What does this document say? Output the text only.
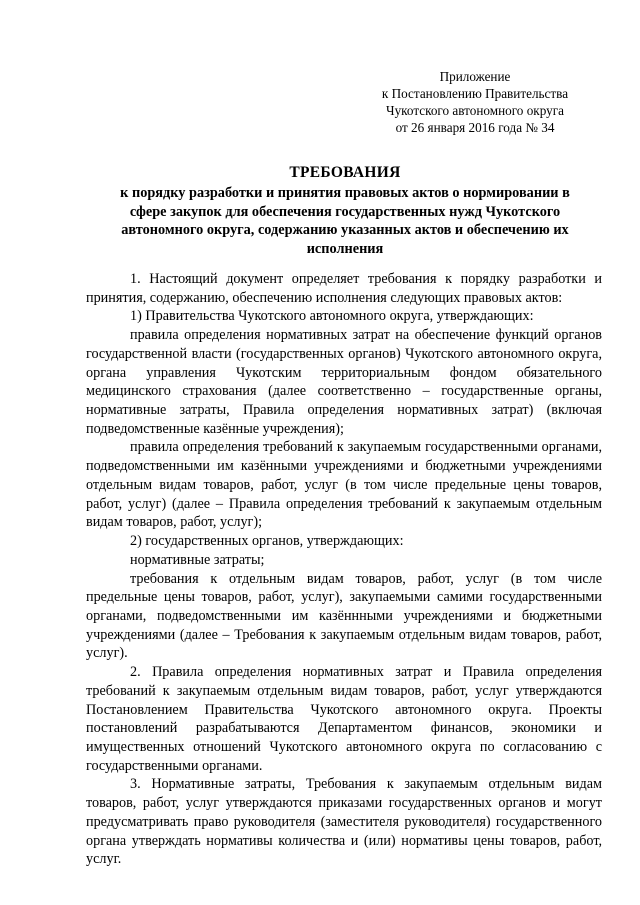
Приложение
к Постановлению Правительства
Чукотского автономного округа
от 26 января 2016 года № 34
ТРЕБОВАНИЯ
к порядку разработки и принятия правовых актов о нормировании в сфере закупок для обеспечения государственных нужд Чукотского автономного округа, содержанию указанных актов и обеспечению их исполнения
1. Настоящий документ определяет требования к порядку разработки и принятия, содержанию, обеспечению исполнения следующих правовых актов:
1) Правительства Чукотского автономного округа, утверждающих:
правила определения нормативных затрат на обеспечение функций органов государственной власти (государственных органов) Чукотского автономного округа, органа управления Чукотским территориальным фондом обязательного медицинского страхования (далее соответственно – государственные органы, нормативные затраты, Правила определения нормативных затрат) (включая подведомственные казённые учреждения);
правила определения требований к закупаемым государственными органами, подведомственными им казёнными учреждениями и бюджетными учреждениями отдельным видам товаров, работ, услуг (в том числе предельные цены товаров, работ, услуг) (далее – Правила определения требований к закупаемым отдельным видам товаров, работ, услуг);
2) государственных органов, утверждающих:
нормативные затраты;
требования к отдельным видам товаров, работ, услуг (в том числе предельные цены товаров, работ, услуг), закупаемыми самими государственными органами, подведомственными им казённными учреждениями и бюджетными учреждениями (далее – Требования к закупаемым отдельным видам товаров, работ, услуг).
2. Правила определения нормативных затрат и Правила определения требований к закупаемым отдельным видам товаров, работ, услуг утверждаются Постановлением Правительства Чукотского автономного округа. Проекты постановлений разрабатываются Департаментом финансов, экономики и имущественных отношений Чукотского автономного округа по согласованию с государственными органами.
3. Нормативные затраты, Требования к закупаемым отдельным видам товаров, работ, услуг утверждаются приказами государственных органов и могут предусматривать право руководителя (заместителя руководителя) государственного органа утверждать нормативы количества и (или) нормативы цены товаров, работ, услуг.
